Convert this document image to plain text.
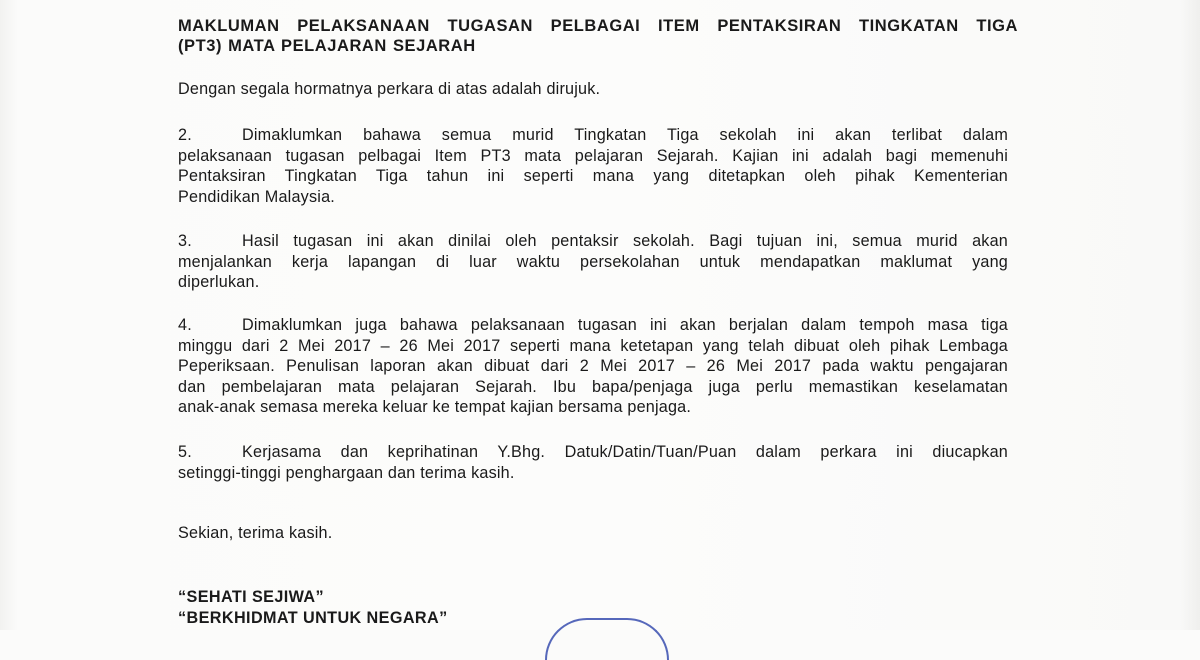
MAKLUMAN PELAKSANAAN TUGASAN PELBAGAI ITEM PENTAKSIRAN TINGKATAN TIGA
(PT3) MATA PELAJARAN SEJARAH
Dengan segala hormatnya perkara di atas adalah dirujuk.
2.	Dimaklumkan bahawa semua murid Tingkatan Tiga sekolah ini akan terlibat dalam
pelaksanaan tugasan pelbagai Item PT3 mata pelajaran Sejarah. Kajian ini adalah bagi memenuhi
Pentaksiran Tingkatan Tiga tahun ini seperti mana yang ditetapkan oleh pihak Kementerian
Pendidikan Malaysia.
3.	Hasil tugasan ini akan dinilai oleh pentaksir sekolah. Bagi tujuan ini, semua murid akan
menjalankan kerja lapangan di luar waktu persekolahan untuk mendapatkan maklumat yang
diperlukan.
4.	Dimaklumkan juga bahawa pelaksanaan tugasan ini akan berjalan dalam tempoh masa tiga
minggu dari 2 Mei 2017 – 26 Mei 2017 seperti mana ketetapan yang telah dibuat oleh pihak Lembaga
Peperiksaan. Penulisan laporan akan dibuat dari 2 Mei 2017 – 26 Mei 2017 pada waktu pengajaran
dan pembelajaran mata pelajaran Sejarah. Ibu bapa/penjaga juga perlu memastikan keselamatan
anak-anak semasa mereka keluar ke tempat kajian bersama penjaga.
5.	Kerjasama dan keprihatinan Y.Bhg. Datuk/Datin/Tuan/Puan dalam perkara ini diucapkan
setinggi-tinggi penghargaan dan terima kasih.
Sekian, terima kasih.
“SEHATI SEJIWA”
“BERKHIDMAT UNTUK NEGARA”
